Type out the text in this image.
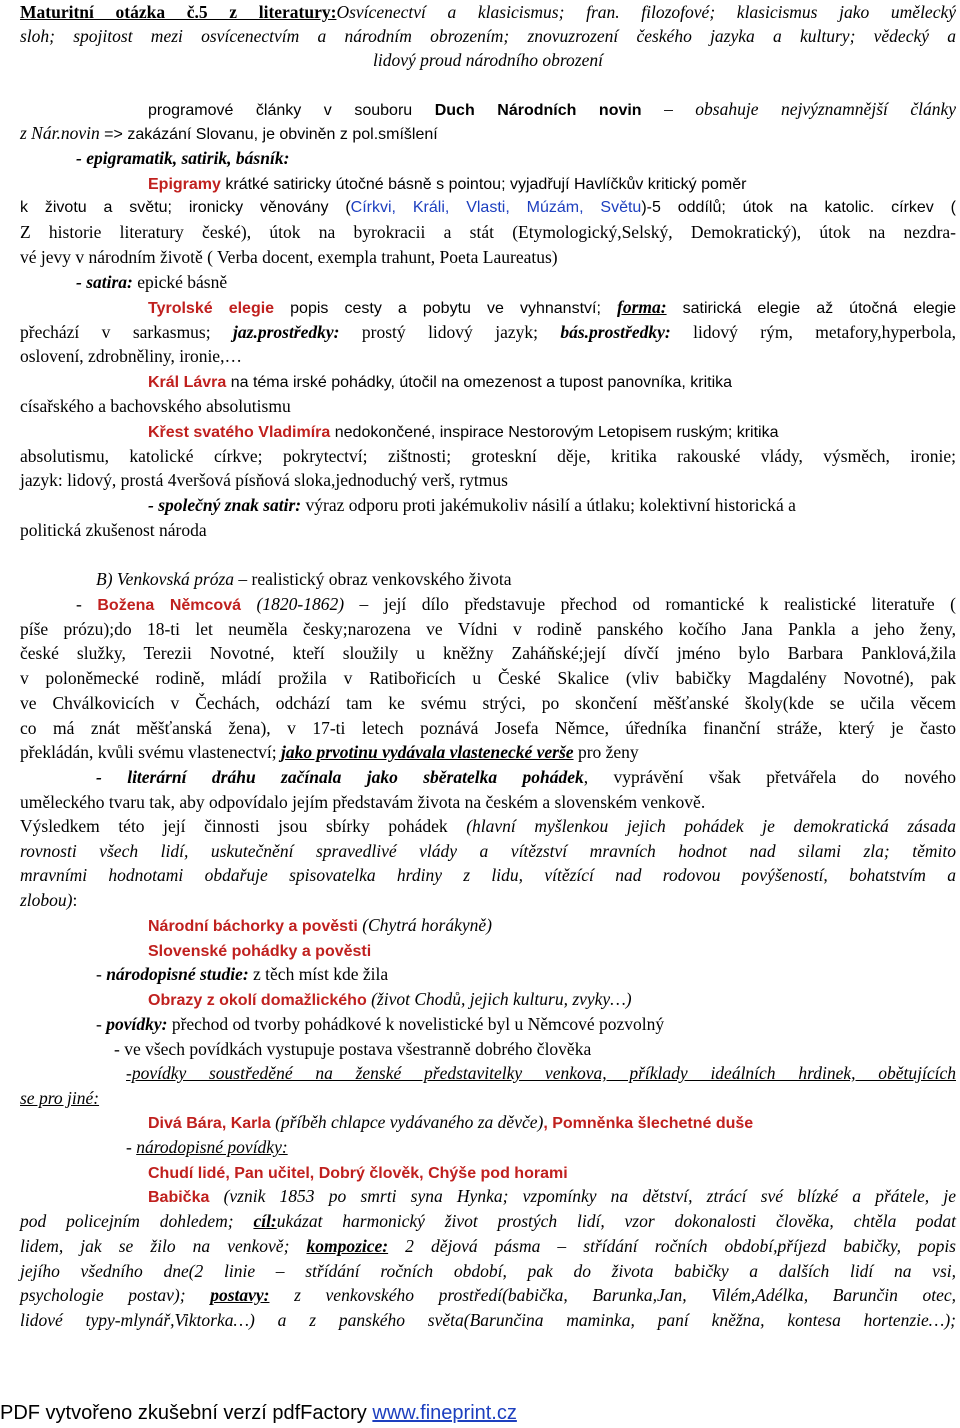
Maturitní otázka č.5 z literatury:Osvícenectví a klasicismus; fran. filozofové; klasicismus jako umělecký
sloh; spojitost mezi osvícenectvím a národním obrozením; znovuzrození českého jazyka a kultury; vědecký a
lidový proud národního obrození
programové články v souboru Duch Národních novin – obsahuje nejvýznamnější články
z Nár.novin => zakázání Slovanu, je obviněn z pol.smíšlení
- epigramatik, satirik, básník:
Epigramy krátké satiricky útočné básně s pointou; vyjadřují Havlíčkův kritický poměr
k životu a světu; ironicky věnovány (Církvi, Králi, Vlasti, Múzám, Světu)-5 oddílů; útok na katolic. církev (
Z historie literatury české), útok na byrokracii a stát (Etymologický,Selský, Demokratický), útok na nezdra-
vé jevy v národním životě ( Verba docent, exempla trahunt, Poeta Laureatus)
- satira: epické básně
Tyrolské elegie popis cesty a pobytu ve vyhnanství; forma: satirická elegie až útočná elegie
přechází v sarkasmus; jaz.prostředky: prostý lidový jazyk; bás.prostředky: lidový rým, metafory,hyperbola,
oslovení, zdrobněliny, ironie,…
Král Lávra na téma irské pohádky, útočil na omezenost a tupost panovníka, kritika
císařského a bachovského absolutismu
Křest svatého Vladimíra nedokončené, inspirace Nestorovým Letopisem ruským; kritika
absolutismu, katolické církve; pokrytectví; zištnosti; groteskní děje, kritika rakouské vlády, výsměch, ironie;
jazyk: lidový, prostá 4veršová písňová sloka,jednoduchý verš, rytmus
- společný znak satir: výraz odporu proti jakémukoliv násilí a útlaku; kolektivní historická a
politická zkušenost národa
B) Venkovská próza – realistický obraz venkovského života
- Božena Němcová (1820-1862) – její dílo představuje přechod od romantické k realistické literatuře (
píše prózu);do 18-ti let neuměla česky;narozena ve Vídni v rodině panského kočího Jana Pankla a jeho ženy,
české služky, Terezii Novotné, kteří sloužily u kněžny Zaháňské;její dívčí jméno bylo Barbara Panklová,žila
v poloněmecké rodině, mládí prožila v Ratibořicích u České Skalice (vliv babičky Magdalény Novotné), pak
ve Chválkovicích v Čechách, odchází tam ke svému strýci, po skončení měšťanské školy(kde se učila věcem
co má znát měšťanská žena), v 17-ti letech poznává Josefa Němce, úředníka finanční stráže, který je často
překládán, kvůli svému vlastenectví; jako prvotinu vydávala vlastenecké verše pro ženy
- literární dráhu začínala jako sběratelka pohádek, vyprávění však přetvářela do nového
uměleckého tvaru tak, aby odpovídalo jejím představám života na českém a slovenském venkově.
Výsledkem této její činnosti jsou sbírky pohádek (hlavní myšlenkou jejich pohádek je demokratická zásada
rovnosti všech lidí, uskutečnění spravedlivé vlády a vítězství mravních hodnot nad silami zla; těmito
mravními hodnotami obdařuje spisovatelka hrdiny z lidu, vítězící nad rodovou povýšeností, bohatstvím a
zlobou):
Národní báchorky a pověsti (Chytrá horákyně)
Slovenské pohádky a pověsti
- národopisné studie: z těch míst kde žila
Obrazy z okolí domažlického (život Chodů, jejich kulturu, zvyky…)
- povídky: přechod od tvorby pohádkové k novelistické byl u Němcové pozvolný
- ve všech povídkách vystupuje postava všestranně dobrého člověka
-povídky soustředěné na ženské představitelky venkova, příklady ideálních hrdinek, obětujících
se pro jiné:
Divá Bára, Karla (příběh chlapce vydávaného za děvče), Pomněnka šlechetné duše
- národopisné povídky:
Chudí lidé, Pan učitel, Dobrý člověk, Chýše pod horami
Babička (vznik 1853 po smrti syna Hynka; vzpomínky na dětství, ztrácí své blízké a přátele, je
pod policejním dohledem; cíl:ukázat harmonický život prostých lidí, vzor dokonalosti člověka, chtěla podat
lidem, jak se žilo na venkově; kompozice: 2 dějová pásma – střídání ročních období,příjezd babičky, popis
jejího všedního dne(2 linie – střídání ročních období, pak do života babičky a dalších lidí na vsi,
psychologie postav); postavy: z venkovského prostředí(babička, Barunka,Jan, Vilém,Adélka, Barunčin otec,
lidové typy-mlynář,Viktorka…) a z panského světa(Barunčina maminka, paní kněžna, kontesa hortenzie…);
PDF vytvořeno zkušební verzí pdfFactory www.fineprint.cz
